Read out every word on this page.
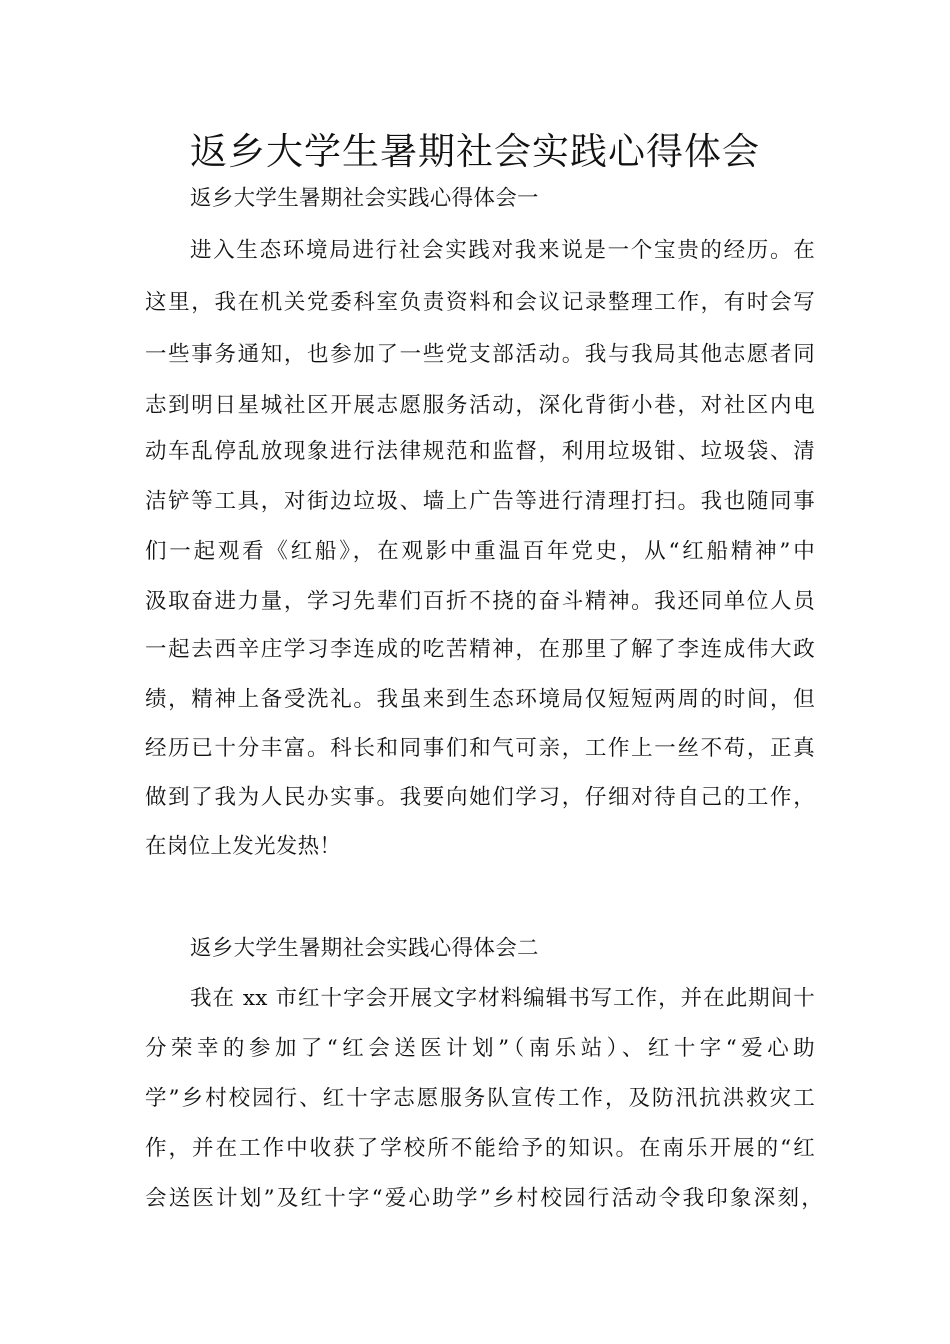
返乡大学生暑期社会实践心得体会
返乡大学生暑期社会实践心得体会一
进入生态环境局进行社会实践对我来说是一个宝贵的经历。在
这里，我在机关党委科室负责资料和会议记录整理工作，有时会写
一些事务通知，也参加了一些党支部活动。我与我局其他志愿者同
志到明日星城社区开展志愿服务活动，深化背街小巷，对社区内电
动车乱停乱放现象进行法律规范和监督，利用垃圾钳、垃圾袋、清
洁铲等工具，对街边垃圾、墙上广告等进行清理打扫。我也随同事
们一起观看《红船》，在观影中重温百年党史，从“红船精神”中
汲取奋进力量，学习先辈们百折不挠的奋斗精神。我还同单位人员
一起去西辛庄学习李连成的吃苦精神，在那里了解了李连成伟大政
绩，精神上备受洗礼。我虽来到生态环境局仅短短两周的时间，但
经历已十分丰富。科长和同事们和气可亲，工作上一丝不苟，正真
做到了我为人民办实事。我要向她们学习，仔细对待自己的工作，
在岗位上发光发热！
返乡大学生暑期社会实践心得体会二
我在 xx 市红十字会开展文字材料编辑书写工作，并在此期间十
分荣幸的参加了“红会送医计划”（南乐站）、红十字“爱心助
学”乡村校园行、红十字志愿服务队宣传工作，及防汛抗洪救灾工
作，并在工作中收获了学校所不能给予的知识。在南乐开展的“红
会送医计划”及红十字“爱心助学”乡村校园行活动令我印象深刻，
